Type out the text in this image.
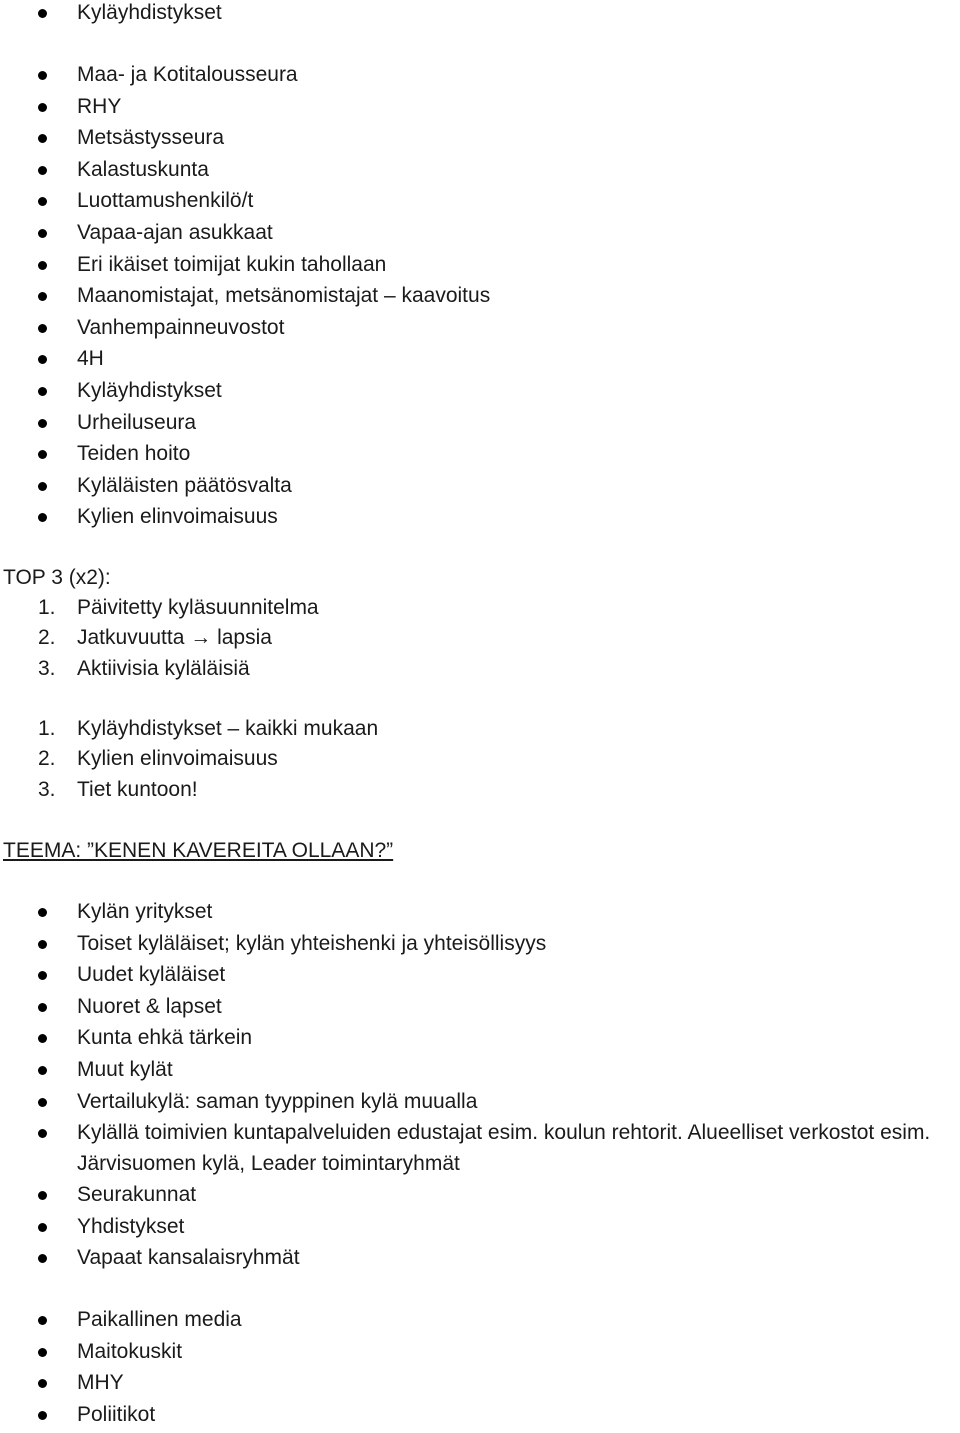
Kyläyhdistykset
Maa- ja Kotitalousseura
RHY
Metsästysseura
Kalastuskunta
Luottamushenkilö/t
Vapaa-ajan asukkaat
Eri ikäiset toimijat kukin tahollaan
Maanomistajat, metsänomistajat – kaavoitus
Vanhempainneuvostot
4H
Kyläyhdistykset
Urheiluseura
Teiden hoito
Kyläläisten päätösvalta
Kylien elinvoimaisuus
TOP 3 (x2):
1. Päivitetty kyläsuunnitelma
2. Jatkuvuutta → lapsia
3. Aktiivisia kyläläisiä
1. Kyläyhdistykset – kaikki mukaan
2. Kylien elinvoimaisuus
3. Tiet kuntoon!
TEEMA: ”KENEN KAVEREITA OLLAAN?”
Kylän yritykset
Toiset kyläläiset; kylän yhteishenki ja yhteisöllisyys
Uudet kyläläiset
Nuoret & lapset
Kunta ehkä tärkein
Muut kylät
Vertailukylä: saman tyyppinen kylä muualla
Kylällä toimivien kuntapalveluiden edustajat esim. koulun rehtorit. Alueelliset verkostot esim. Järvisuomen kylä, Leader toimintaryhmät
Seurakunnat
Yhdistykset
Vapaat kansalaisryhmät
Paikallinen media
Maitokuskit
MHY
Poliitikot
